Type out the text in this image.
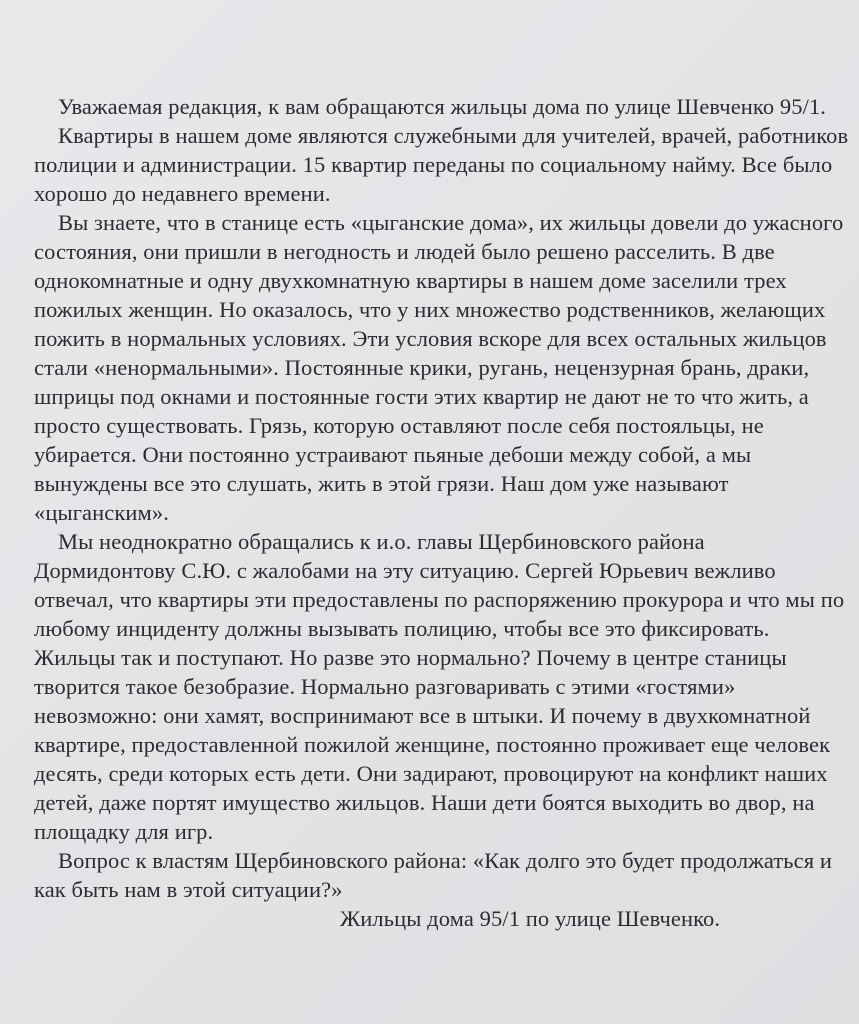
Уважаемая редакция, к вам обращаются жильцы дома по улице Шевченко 95/1.

Квартиры в нашем доме являются служебными для учителей, врачей, работников полиции и администрации. 15 квартир переданы по социальному найму. Все было хорошо до недавнего времени.

Вы знаете, что в станице есть «цыганские дома», их жильцы довели до ужасного состояния, они пришли в негодность и людей было решено расселить. В две однокомнатные и одну двухкомнатную квартиры в нашем доме заселили трех пожилых женщин. Но оказалось, что у них множество родственников, желающих пожить в нормальных условиях. Эти условия вскоре для всех остальных жильцов стали «ненормальными». Постоянные крики, ругань, нецензурная брань, драки, шприцы под окнами и постоянные гости этих квартир не дают не то что жить, а просто существовать. Грязь, которую оставляют после себя постояльцы, не убирается. Они постоянно устраивают пьяные дебоши между собой, а мы вынуждены все это слушать, жить в этой грязи. Наш дом уже называют «цыганским».

Мы неоднократно обращались к и.о. главы Щербиновского района Дормидонтову С.Ю. с жалобами на эту ситуацию. Сергей Юрьевич вежливо отвечал, что квартиры эти предоставлены по распоряжению прокурора и что мы по любому инциденту должны вызывать полицию, чтобы все это фиксировать. Жильцы так и поступают. Но разве это нормально? Почему в центре станицы творится такое безобразие. Нормально разговаривать с этими «гостями» невозможно: они хамят, воспринимают все в штыки. И почему в двухкомнатной квартире, предоставленной пожилой женщине, постоянно проживает еще человек десять, среди которых есть дети. Они задирают, провоцируют на конфликт наших детей, даже портят имущество жильцов. Наши дети боятся выходить во двор, на площадку для игр.

Вопрос к властям Щербиновского района: «Как долго это будет продолжаться и как быть нам в этой ситуации?»

Жильцы дома 95/1 по улице Шевченко.
